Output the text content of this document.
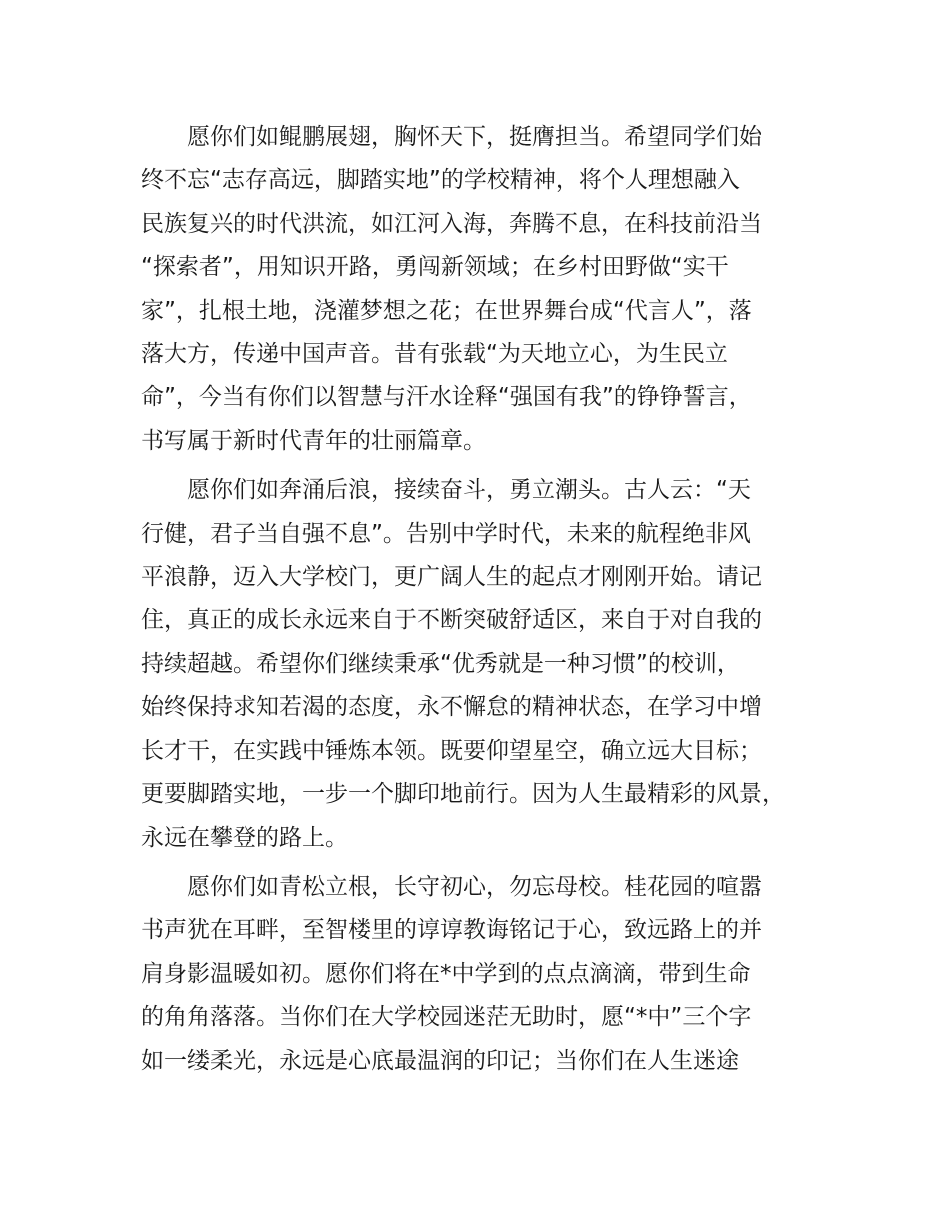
　　愿你们如鲲鹏展翅，胸怀天下，挺膺担当。希望同学们始
终不忘“志存高远，脚踏实地”的学校精神，将个人理想融入
民族复兴的时代洪流，如江河入海，奔腾不息，在科技前沿当
“探索者”，用知识开路，勇闯新领域；在乡村田野做“实干
家”，扎根土地，浇灌梦想之花；在世界舞台成“代言人”，落
落大方，传递中国声音。昔有张载“为天地立心，为生民立
命”，今当有你们以智慧与汗水诠释“强国有我”的铮铮誓言，
书写属于新时代青年的壮丽篇章。
　　愿你们如奔涌后浪，接续奋斗，勇立潮头。古人云：“天
行健，君子当自强不息”。告别中学时代，未来的航程绝非风
平浪静，迈入大学校门，更广阔人生的起点才刚刚开始。请记
住，真正的成长永远来自于不断突破舒适区，来自于对自我的
持续超越。希望你们继续秉承“优秀就是一种习惯”的校训，
始终保持求知若渴的态度，永不懈怠的精神状态，在学习中增
长才干，在实践中锤炼本领。既要仰望星空，确立远大目标；
更要脚踏实地，一步一个脚印地前行。因为人生最精彩的风景，
永远在攀登的路上。
　　愿你们如青松立根，长守初心，勿忘母校。桂花园的喧嚣
书声犹在耳畔，至智楼里的谆谆教诲铭记于心，致远路上的并
肩身影温暖如初。愿你们将在*中学到的点点滴滴，带到生命
的角角落落。当你们在大学校园迷茫无助时，愿“*中”三个字
如一缕柔光，永远是心底最温润的印记；当你们在人生迷途
